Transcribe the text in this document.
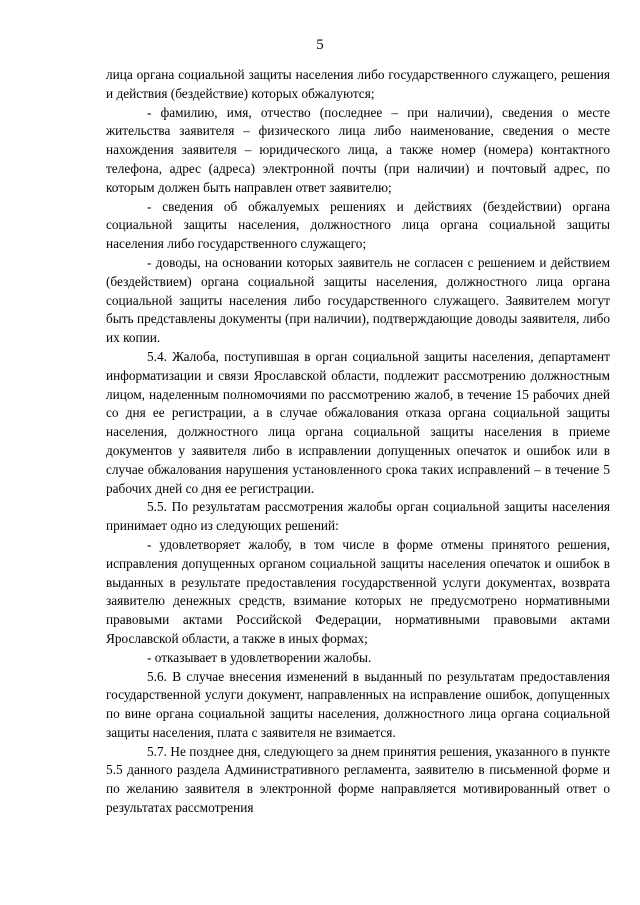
5

лица органа социальной защиты населения либо государственного служащего, решения и действия (бездействие) которых обжалуются;

- фамилию, имя, отчество (последнее – при наличии), сведения о месте жительства заявителя – физического лица либо наименование, сведения о месте нахождения заявителя – юридического лица, а также номер (номера) контактного телефона, адрес (адреса) электронной почты (при наличии) и почтовый адрес, по которым должен быть направлен ответ заявителю;

- сведения об обжалуемых решениях и действиях (бездействии) органа социальной защиты населения, должностного лица органа социальной защиты населения либо государственного служащего;

- доводы, на основании которых заявитель не согласен с решением и действием (бездействием) органа социальной защиты населения, должностного лица органа социальной защиты населения либо государственного служащего. Заявителем могут быть представлены документы (при наличии), подтверждающие доводы заявителя, либо их копии.

5.4. Жалоба, поступившая в орган социальной защиты населения, департамент информатизации и связи Ярославской области, подлежит рассмотрению должностным лицом, наделенным полномочиями по рассмотрению жалоб, в течение 15 рабочих дней со дня ее регистрации, а в случае обжалования отказа органа социальной защиты населения, должностного лица органа социальной защиты населения в приеме документов у заявителя либо в исправлении допущенных опечаток и ошибок или в случае обжалования нарушения установленного срока таких исправлений – в течение 5 рабочих дней со дня ее регистрации.

5.5. По результатам рассмотрения жалобы орган социальной защиты населения принимает одно из следующих решений:

- удовлетворяет жалобу, в том числе в форме отмены принятого решения, исправления допущенных органом социальной защиты населения опечаток и ошибок в выданных в результате предоставления государственной услуги документах, возврата заявителю денежных средств, взимание которых не предусмотрено нормативными правовыми актами Российской Федерации, нормативными правовыми актами Ярославской области, а также в иных формах;

- отказывает в удовлетворении жалобы.

5.6. В случае внесения изменений в выданный по результатам предоставления государственной услуги документ, направленных на исправление ошибок, допущенных по вине органа социальной защиты населения, должностного лица органа социальной защиты населения, плата с заявителя не взимается.

5.7. Не позднее дня, следующего за днем принятия решения, указанного в пункте 5.5 данного раздела Административного регламента, заявителю в письменной форме и по желанию заявителя в электронной форме направляется мотивированный ответ о результатах рассмотрения
